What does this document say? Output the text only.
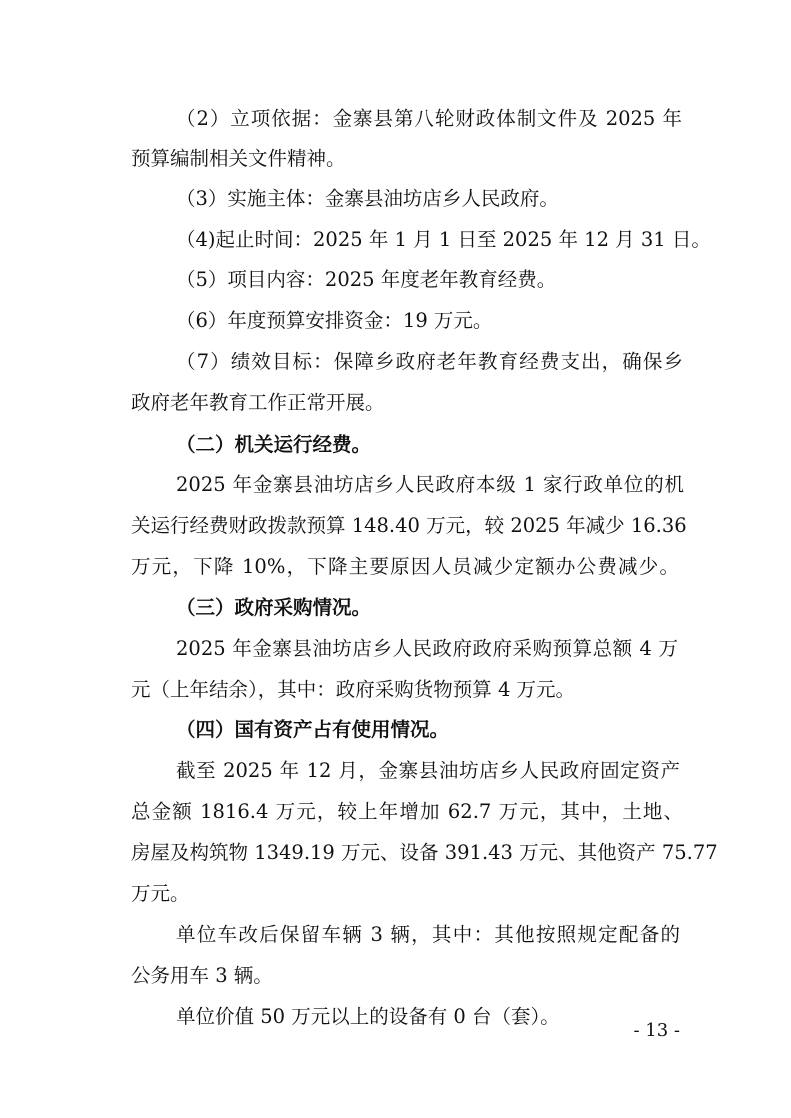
（2）立项依据：金寨县第八轮财政体制文件及 2025 年
预算编制相关文件精神。
（3）实施主体：金寨县油坊店乡人民政府。
（4)起止时间：2025 年 1 月 1 日至 2025 年 12 月 31 日。
（5）项目内容：2025 年度老年教育经费。
（6）年度预算安排资金：19 万元。
（7）绩效目标：保障乡政府老年教育经费支出，确保乡
政府老年教育工作正常开展。
（二）机关运行经费。
2025 年金寨县油坊店乡人民政府本级 1 家行政单位的机
关运行经费财政拨款预算 148.40 万元，较 2025 年减少 16.36
万元，下降 10%，下降主要原因人员减少定额办公费减少。
（三）政府采购情况。
2025 年金寨县油坊店乡人民政府政府采购预算总额 4 万
元（上年结余），其中：政府采购货物预算 4 万元。
（四）国有资产占有使用情况。
截至 2025 年 12 月，金寨县油坊店乡人民政府固定资产
总金额 1816.4 万元，较上年增加 62.7 万元，其中，土地、
房屋及构筑物 1349.19 万元、设备 391.43 万元、其他资产 75.77
万元。
单位车改后保留车辆 3 辆，其中：其他按照规定配备的
公务用车 3 辆。
单位价值 50 万元以上的设备有 0 台（套）。
- 13 -
